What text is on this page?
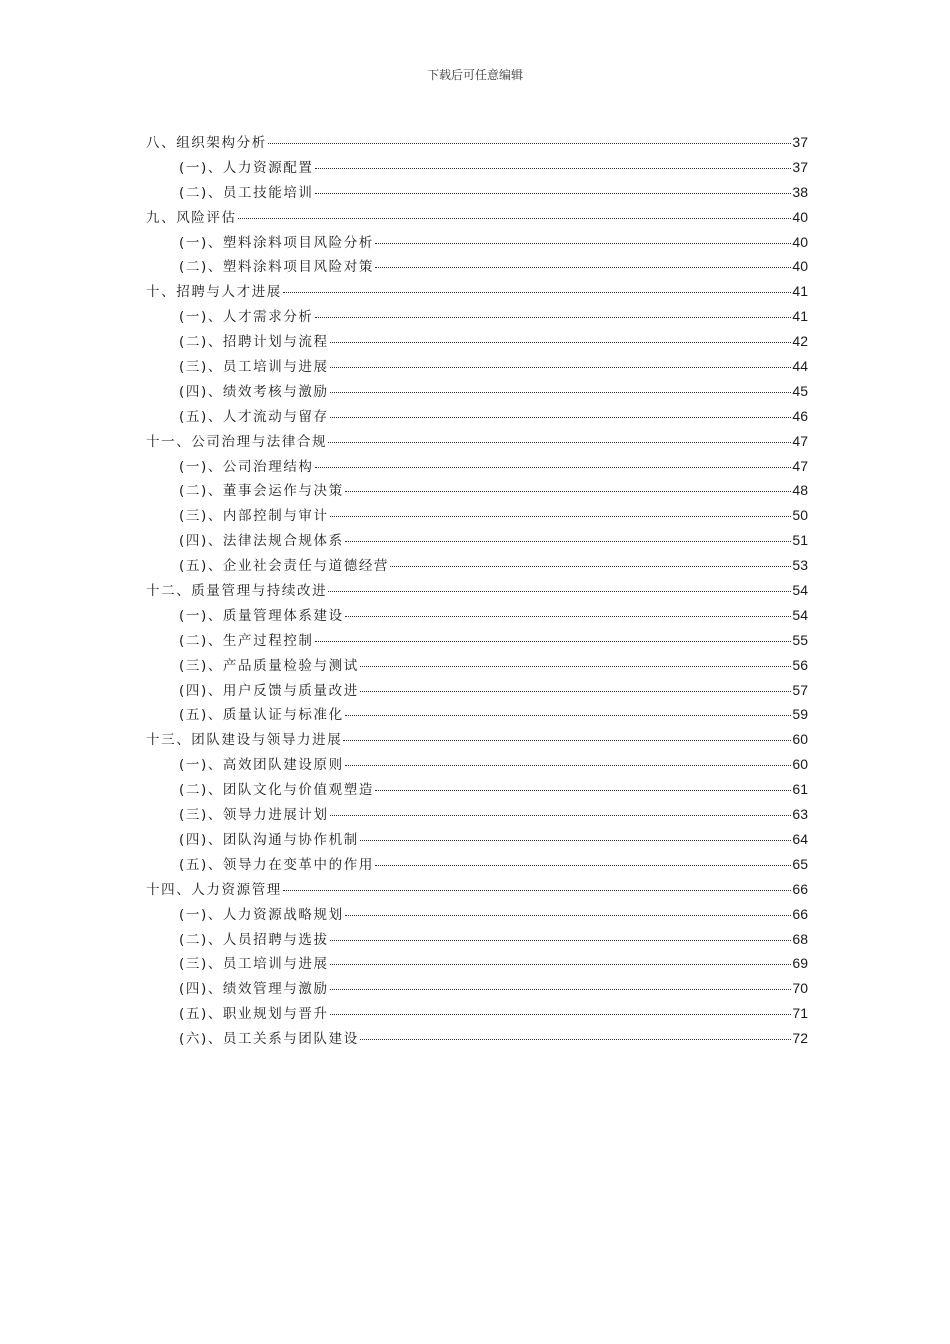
下载后可任意编辑
八、组织架构分析	37
(一)、人力资源配置	37
(二)、员工技能培训	38
九、风险评估	40
(一)、塑料涂料项目风险分析	40
(二)、塑料涂料项目风险对策	40
十、招聘与人才进展	41
(一)、人才需求分析	41
(二)、招聘计划与流程	42
(三)、员工培训与进展	44
(四)、绩效考核与激励	45
(五)、人才流动与留存	46
十一、公司治理与法律合规	47
(一)、公司治理结构	47
(二)、董事会运作与决策	48
(三)、内部控制与审计	50
(四)、法律法规合规体系	51
(五)、企业社会责任与道德经营	53
十二、质量管理与持续改进	54
(一)、质量管理体系建设	54
(二)、生产过程控制	55
(三)、产品质量检验与测试	56
(四)、用户反馈与质量改进	57
(五)、质量认证与标准化	59
十三、团队建设与领导力进展	60
(一)、高效团队建设原则	60
(二)、团队文化与价值观塑造	61
(三)、领导力进展计划	63
(四)、团队沟通与协作机制	64
(五)、领导力在变革中的作用	65
十四、人力资源管理	66
(一)、人力资源战略规划	66
(二)、人员招聘与选拔	68
(三)、员工培训与进展	69
(四)、绩效管理与激励	70
(五)、职业规划与晋升	71
(六)、员工关系与团队建设	72
